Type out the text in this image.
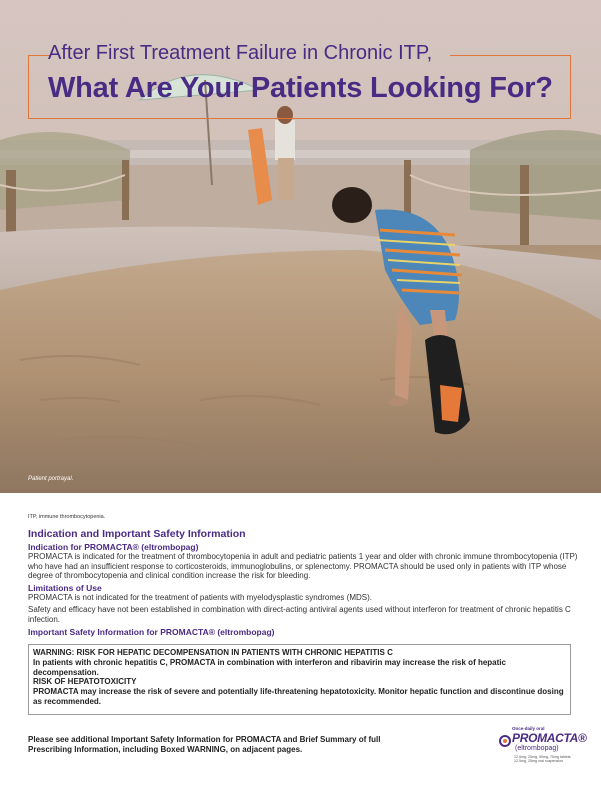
After First Treatment Failure in Chronic ITP,
What Are Your Patients Looking For?
Patient portrayal.
ITP, immune thrombocytopenia.
Indication and Important Safety Information
Indication for PROMACTA® (eltrombopag)
PROMACTA is indicated for the treatment of thrombocytopenia in adult and pediatric patients 1 year and older with chronic immune thrombocytopenia (ITP) who have had an insufficient response to corticosteroids, immunoglobulins, or splenectomy. PROMACTA should be used only in patients with ITP whose degree of thrombocytopenia and clinical condition increase the risk for bleeding.
Limitations of Use
PROMACTA is not indicated for the treatment of patients with myelodysplastic syndromes (MDS).
Safety and efficacy have not been established in combination with direct-acting antiviral agents used without interferon for treatment of chronic hepatitis C infection.
Important Safety Information for PROMACTA® (eltrombopag)
WARNING: RISK FOR HEPATIC DECOMPENSATION IN PATIENTS WITH CHRONIC HEPATITIS C
In patients with chronic hepatitis C, PROMACTA in combination with interferon and ribavirin may increase the risk of hepatic decompensation.
RISK OF HEPATOTOXICITY
PROMACTA may increase the risk of severe and potentially life-threatening hepatotoxicity. Monitor hepatic function and discontinue dosing as recommended.
Please see additional Important Safety Information for PROMACTA and Brief Summary of full Prescribing Information, including Boxed WARNING, on adjacent pages.
Once-daily oral
PROMACTA®
(eltrombopag)
12.5mg, 25mg, 50mg, 75mg tablets 12.5mg, 25mg oral suspension
